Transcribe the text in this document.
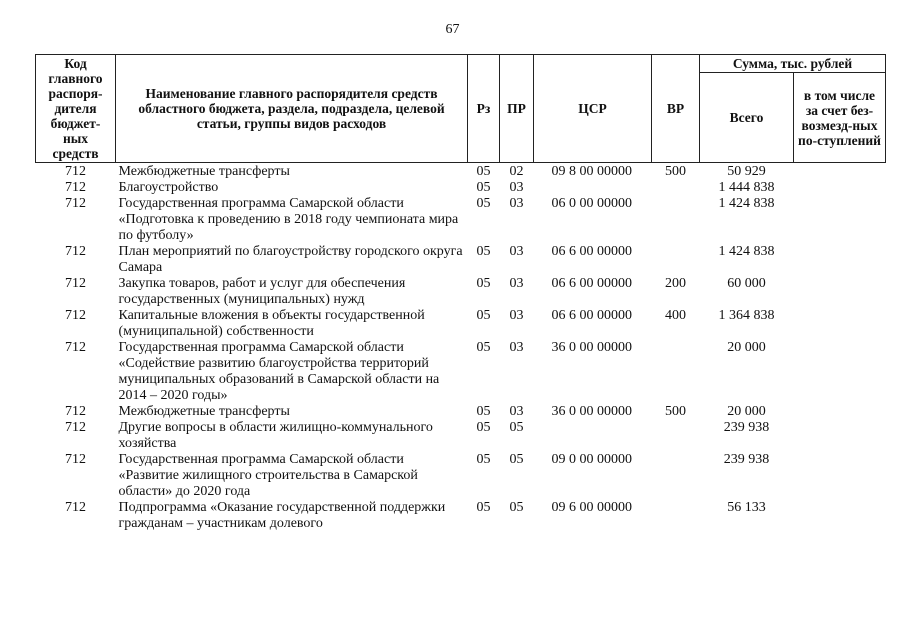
67
Код главного распоря-дителя бюджет-ных средств	Наименование главного распорядителя средств областного бюджета, раздела, подраздела, целевой статьи, группы видов расходов	Рз	ПР	ЦСР	ВР	Сумма, тыс. рублей	
						Всего	в том числе за счет без-возмезд-ных по-ступлений
712	Межбюджетные трансферты	05	02	09 8 00 00000	500	50 929	
712	Благоустройство	05	03			1 444 838	
712	Государственная программа Самарской области «Подготовка к проведению в 2018 году чемпионата мира по футболу»	05	03	06 0 00 00000		1 424 838	
712	План мероприятий по благоустройству городского округа Самара	05	03	06 6 00 00000		1 424 838	
712	Закупка товаров, работ и услуг для обеспечения государственных (муниципальных) нужд	05	03	06 6 00 00000	200	60 000	
712	Капитальные вложения в объекты государственной (муниципальной) собственности	05	03	06 6 00 00000	400	1 364 838	
712	Государственная программа Самарской области «Содействие развитию благоустройства территорий муниципальных образований в Самарской области на 2014 – 2020 годы»	05	03	36 0 00 00000		20 000	
712	Межбюджетные трансферты	05	03	36 0 00 00000	500	20 000	
712	Другие вопросы в области жилищно-коммунального хозяйства	05	05			239 938	
712	Государственная программа Самарской области «Развитие жилищного строительства в Самарской области» до 2020 года	05	05	09 0 00 00000		239 938	
712	Подпрограмма «Оказание государственной поддержки гражданам – участникам долевого	05	05	09 6 00 00000		56 133	
